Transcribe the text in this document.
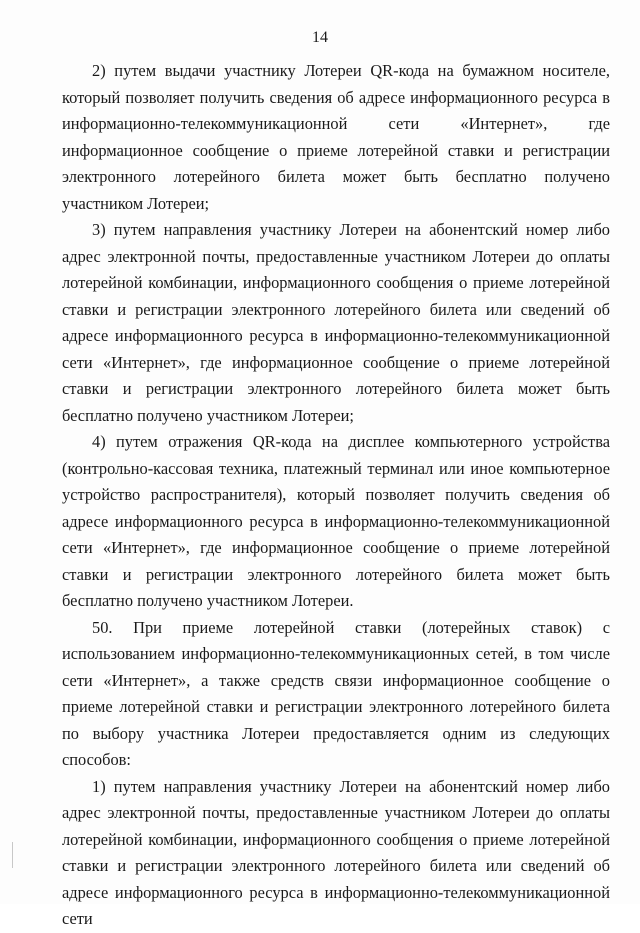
14

2) путем выдачи участнику Лотереи QR-кода на бумажном носителе, который позволяет получить сведения об адресе информационного ресурса в информационно-телекоммуникационной сети «Интернет», где информационное сообщение о приеме лотерейной ставки и регистрации электронного лотерейного билета может быть бесплатно получено участником Лотереи;

3) путем направления участнику Лотереи на абонентский номер либо адрес электронной почты, предоставленные участником Лотереи до оплаты лотерейной комбинации, информационного сообщения о приеме лотерейной ставки и регистрации электронного лотерейного билета или сведений об адресе информационного ресурса в информационно-телекоммуникационной сети «Интернет», где информационное сообщение о приеме лотерейной ставки и регистрации электронного лотерейного билета может быть бесплатно получено участником Лотереи;

4) путем отражения QR-кода на дисплее компьютерного устройства (контрольно-кассовая техника, платежный терминал или иное компьютерное устройство распространителя), который позволяет получить сведения об адресе информационного ресурса в информационно-телекоммуникационной сети «Интернет», где информационное сообщение о приеме лотерейной ставки и регистрации электронного лотерейного билета может быть бесплатно получено участником Лотереи.

50. При приеме лотерейной ставки (лотерейных ставок) с использованием информационно-телекоммуникационных сетей, в том числе сети «Интернет», а также средств связи информационное сообщение о приеме лотерейной ставки и регистрации электронного лотерейного билета по выбору участника Лотереи предоставляется одним из следующих способов:

1) путем направления участнику Лотереи на абонентский номер либо адрес электронной почты, предоставленные участником Лотереи до оплаты лотерейной комбинации, информационного сообщения о приеме лотерейной ставки и регистрации электронного лотерейного билета или сведений об адресе информационного ресурса в информационно-телекоммуникационной сети
